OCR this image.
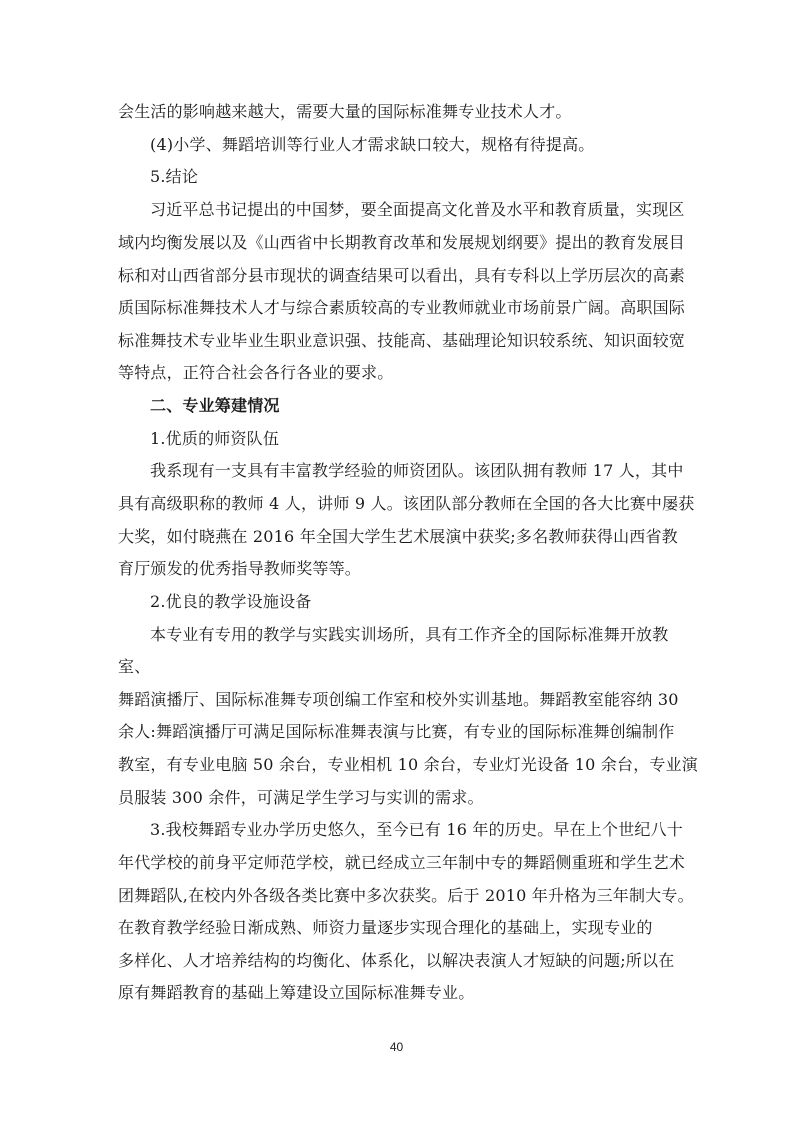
会生活的影响越来越大，需要大量的国际标准舞专业技术人才。
(4)小学、舞蹈培训等行业人才需求缺口较大，规格有待提高。
5.结论
习近平总书记提出的中国梦，要全面提高文化普及水平和教育质量，实现区
域内均衡发展以及《山西省中长期教育改革和发展规划纲要》提出的教育发展目
标和对山西省部分县市现状的调查结果可以看出，具有专科以上学历层次的高素
质国际标准舞技术人才与综合素质较高的专业教师就业市场前景广阔。高职国际
标准舞技术专业毕业生职业意识强、技能高、基础理论知识较系统、知识面较宽
等特点，正符合社会各行各业的要求。
二、专业筹建情况
1.优质的师资队伍
我系现有一支具有丰富教学经验的师资团队。该团队拥有教师 17 人，其中
具有高级职称的教师 4 人，讲师 9 人。该团队部分教师在全国的各大比赛中屡获
大奖，如付晓燕在 2016 年全国大学生艺术展演中获奖;多名教师获得山西省教
育厅颁发的优秀指导教师奖等等。
2.优良的教学设施设备
本专业有专用的教学与实践实训场所，具有工作齐全的国际标准舞开放教
室、
舞蹈演播厅、国际标准舞专项创编工作室和校外实训基地。舞蹈教室能容纳 30
余人:舞蹈演播厅可满足国际标准舞表演与比赛，有专业的国际标准舞创编制作
教室，有专业电脑 50 余台，专业相机 10 余台，专业灯光设备 10 余台，专业演
员服装 300 余件，可满足学生学习与实训的需求。
3.我校舞蹈专业办学历史悠久，至今已有 16 年的历史。早在上个世纪八十
年代学校的前身平定师范学校，就已经成立三年制中专的舞蹈侧重班和学生艺术
团舞蹈队,在校内外各级各类比赛中多次获奖。后于 2010 年升格为三年制大专。
在教育教学经验日渐成熟、师资力量逐步实现合理化的基础上，实现专业的
多样化、人才培养结构的均衡化、体系化，以解决表演人才短缺的问题;所以在
原有舞蹈教育的基础上筹建设立国际标准舞专业。
40
